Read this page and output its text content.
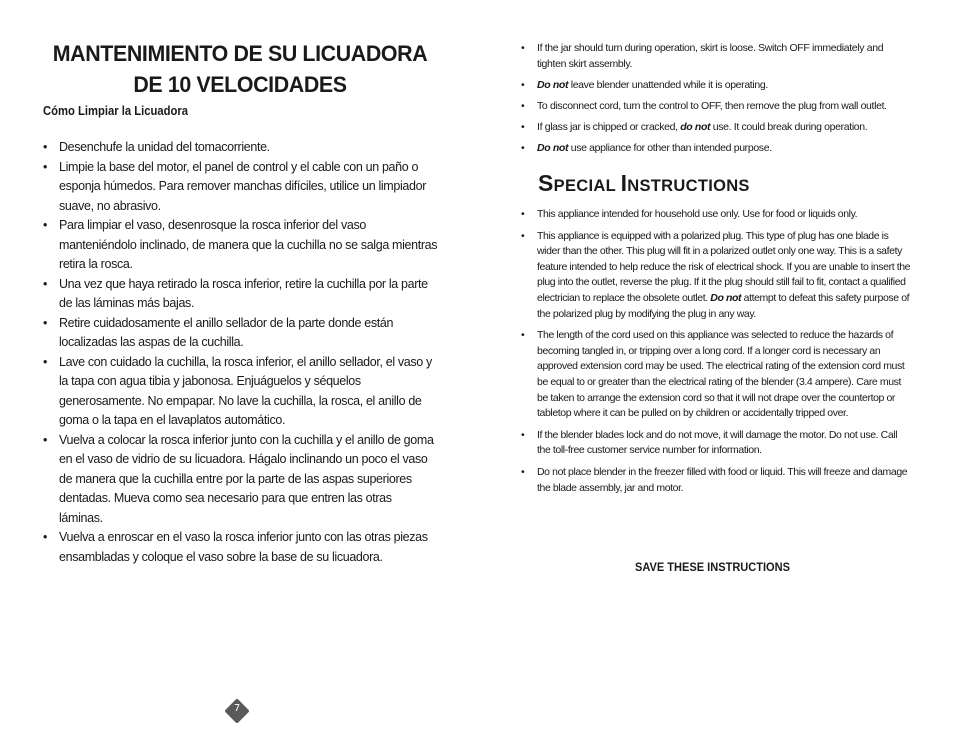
MANTENIMIENTO DE SU LICUADORA
DE 10 VELOCIDADES
Cómo Limpiar la Licuadora
• Desenchufe la unidad del tomacorriente.
• Limpie la base del motor, el panel de control y el cable con un paño o esponja húmedos. Para remover manchas difíciles, utilice un limpiador suave, no abrasivo.
• Para limpiar el vaso, desenrosque la rosca inferior del vaso manteniéndolo inclinado, de manera que la cuchilla no se salga mientras retira la rosca.
• Una vez que haya retirado la rosca inferior, retire la cuchilla por la parte de las láminas más bajas.
• Retire cuidadosamente el anillo sellador de la parte donde están localizadas las aspas de la cuchilla.
• Lave con cuidado la cuchilla, la rosca inferior, el anillo sellador, el vaso y la tapa con agua tibia y jabonosa. Enjuáguelos y séquelos generosamente. No empapar. No lave la cuchilla, la rosca, el anillo de goma o la tapa en el lavaplatos automático.
• Vuelva a colocar la rosca inferior junto con la cuchilla y el anillo de goma en el vaso de vidrio de su licuadora. Hágalo inclinando un poco el vaso de manera que la cuchilla entre por la parte de las aspas superiores dentadas. Mueva como sea necesario para que entren las otras láminas.
• Vuelva a enroscar en el vaso la rosca inferior junto con las otras piezas ensambladas y coloque el vaso sobre la base de su licuadora.
7
• If the jar should turn during operation, skirt is loose. Switch OFF immediately and tighten skirt assembly.
• Do not leave blender unattended while it is operating.
• To disconnect cord, turn the control to OFF, then remove the plug from wall outlet.
• If glass jar is chipped or cracked, do not use. It could break during operation.
• Do not use appliance for other than intended purpose.
SPECIAL INSTRUCTIONS
• This appliance intended for household use only. Use for food or liquids only.
• This appliance is equipped with a polarized plug. This type of plug has one blade is wider than the other. This plug will fit in a polarized outlet only one way. This is a safety feature intended to help reduce the risk of electrical shock. If you are unable to insert the plug into the outlet, reverse the plug. If it the plug should still fail to fit, contact a qualified electrician to replace the obsolete outlet. Do not attempt to defeat this safety purpose of the polarized plug by modifying the plug in any way.
• The length of the cord used on this appliance was selected to reduce the hazards of becoming tangled in, or tripping over a long cord. If a longer cord is necessary an approved extension cord may be used. The electrical rating of the extension cord must be equal to or greater than the electrical rating of the blender (3.4 ampere). Care must be taken to arrange the extension cord so that it will not drape over the countertop or tabletop where it can be pulled on by children or accidentally tripped over.
• If the blender blades lock and do not move, it will damage the motor. Do not use. Call the toll-free customer service number for information.
• Do not place blender in the freezer filled with food or liquid. This will freeze and damage the blade assembly, jar and motor.
SAVE THESE INSTRUCTIONS
